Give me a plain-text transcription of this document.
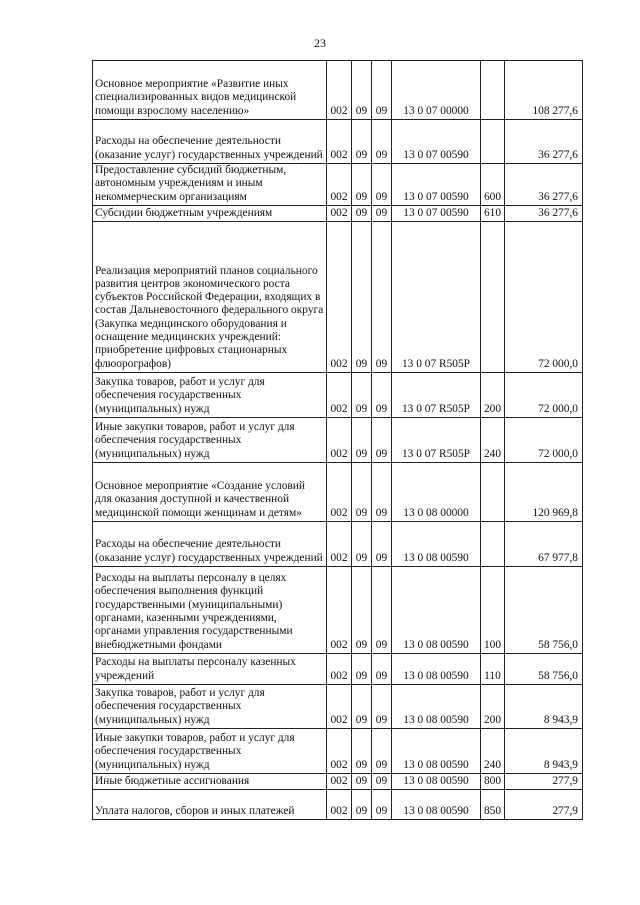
23
Основное мероприятие «Развитие иных специализированных видов медицинской помощи взрослому населению»	002	09	09	13 0 07 00000		108 277,6
Расходы на обеспечение деятельности (оказание услуг) государственных учреждений	002	09	09	13 0 07 00590		36 277,6
Предоставление субсидий бюджетным, автономным учреждениям и иным некоммерческим организациям	002	09	09	13 0 07 00590	600	36 277,6
Субсидии бюджетным учреждениям	002	09	09	13 0 07 00590	610	36 277,6
Реализация мероприятий планов социального развития центров экономического роста субъектов Российской Федерации, входящих в состав Дальневосточного федерального округа (Закупка медицинского оборудования и оснащение медицинских учреждений: приобретение цифровых стационарных флюорографов)	002	09	09	13 0 07 R505P		72 000,0
Закупка товаров, работ и услуг для обеспечения государственных (муниципальных) нужд	002	09	09	13 0 07 R505P	200	72 000,0
Иные закупки товаров, работ и услуг для обеспечения государственных (муниципальных) нужд	002	09	09	13 0 07 R505P	240	72 000,0
Основное мероприятие «Создание условий для оказания доступной и качественной медицинской помощи женщинам и детям»	002	09	09	13 0 08 00000		120 969,8
Расходы на обеспечение деятельности (оказание услуг) государственных учреждений	002	09	09	13 0 08 00590		67 977,8
Расходы на выплаты персоналу в целях обеспечения выполнения функций государственными (муниципальными) органами, казенными учреждениями, органами управления государственными внебюджетными фондами	002	09	09	13 0 08 00590	100	58 756,0
Расходы на выплаты персоналу казенных учреждений	002	09	09	13 0 08 00590	110	58 756,0
Закупка товаров, работ и услуг для обеспечения государственных (муниципальных) нужд	002	09	09	13 0 08 00590	200	8 943,9
Иные закупки товаров, работ и услуг для обеспечения государственных (муниципальных) нужд	002	09	09	13 0 08 00590	240	8 943,9
Иные бюджетные ассигнования	002	09	09	13 0 08 00590	800	277,9
Уплата налогов, сборов и иных платежей	002	09	09	13 0 08 00590	850	277,9
